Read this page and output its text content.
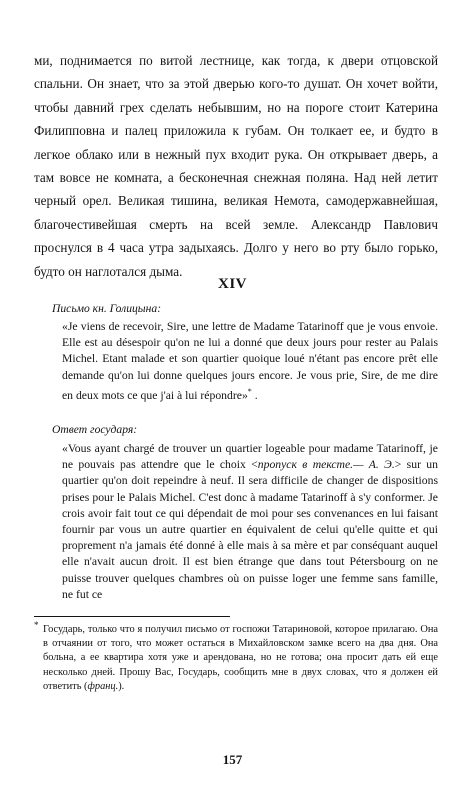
ми, поднимается по витой лестнице, как тогда, к двери отцовской спальни. Он знает, что за этой дверью кого-то душат. Он хочет войти, чтобы давний грех сделать небывшим, но на пороге стоит Катерина Филипповна и палец приложила к губам. Он толкает ее, и будто в легкое облако или в нежный пух входит рука. Он открывает дверь, а там вовсе не комната, а бесконечная снежная поляна. Над ней летит черный орел. Великая тишина, великая Немота, самодержавнейшая, благочестивейшая смерть на всей земле. Александр Павлович проснулся в 4 часа утра задыхаясь. Долго у него во рту было горько, будто он наглотался дыма.

XIV
Письмо кн. Голицына:

«Je viens de recevoir, Sire, une lettre de Madame Tatarinoff que je vous envoie. Elle est au désespoir qu'on ne lui a donné que deux jours pour rester au Palais Michel. Etant malade et son quartier quoique loué n'étant pas encore prêt elle demande qu'on lui donne quelques jours encore. Je vous prie, Sire, de me dire en deux mots ce que j'ai à lui répondre»* .

Ответ государя:

«Vous ayant chargé de trouver un quartier logeable pour madame Tatarinoff, je ne pouvais pas attendre que le choix <пропуск в тексте.— А. Э.> sur un quartier qu'on doit repeindre à neuf. Il sera difficile de changer de dispositions prises pour le Palais Michel. C'est donc à madame Tatarinoff à s'y conformer. Je crois avoir fait tout ce qui dépendait de moi pour ses convenances en lui faisant fournir par vous un autre quartier en équivalent de celui qu'elle quitte et qui proprement n'a jamais été donné à elle mais à sa mère et par conséquant auquel elle n'avait aucun droit. Il est bien étrange que dans tout Pétersbourg on ne puisse trouver quelques chambres où on puisse loger une femme sans famille, ne fut ce

* Государь, только что я получил письмо от госпожи Татариновой, которое прилагаю. Она в отчаянии от того, что может остаться в Михайловском замке всего на два дня. Она больна, а ее квартира хотя уже и арендована, но не готова; она просит дать ей еще несколько дней. Прошу Вас, Государь, сообщить мне в двух словах, что я должен ей ответить (франц.).

157
